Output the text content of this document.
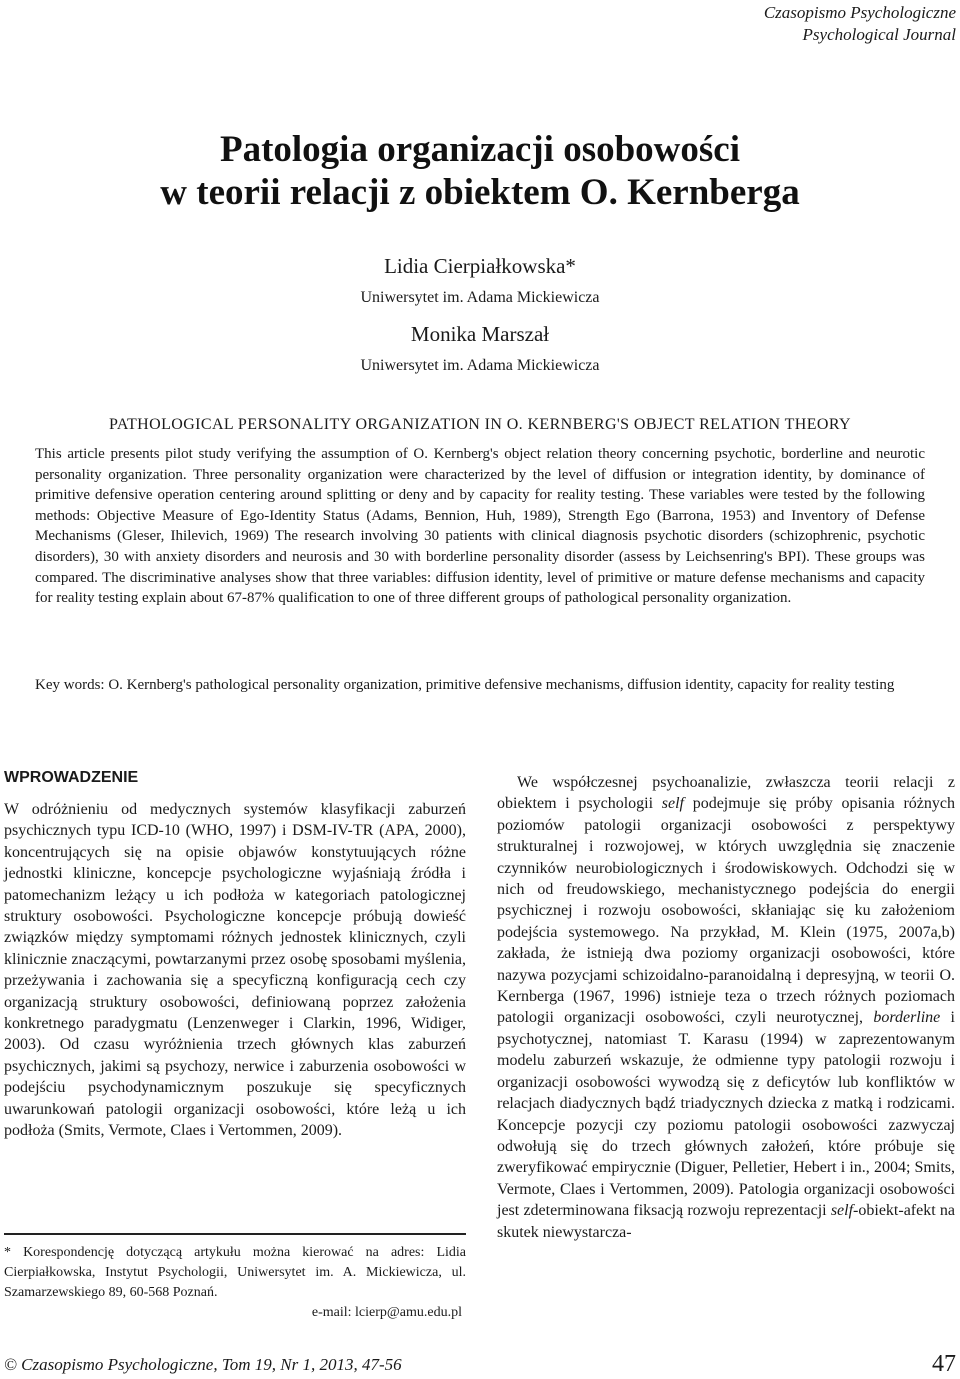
Czasopismo Psychologiczne
Psychological Journal
Patologia organizacji osobowości
w teorii relacji z obiektem O. Kernberga

Lidia Cierpiałkowska*

Uniwersytet im. Adama Mickiewicza

Monika Marszał

Uniwersytet im. Adama Mickiewicza

PATHOLOGICAL PERSONALITY ORGANIZATION IN O. KERNBERG'S OBJECT RELATION THEORY

This article presents pilot study verifying the assumption of O. Kernberg's object relation theory concerning psychotic, borderline and neurotic personality organization. Three personality organization were characterized by the level of diffusion or integration identity, by dominance of primitive defensive operation centering around splitting or deny and by capacity for reality testing. These variables were tested by the following methods: Objective Measure of Ego-Identity Status (Adams, Bennion, Huh, 1989), Strength Ego (Barrona, 1953) and Inventory of Defense Mechanisms (Gleser, Ihilevich, 1969) The research involving 30 patients with clinical diagnosis psychotic disorders (schizophrenic, psychotic disorders), 30 with anxiety disorders and neurosis and 30 with borderline personality disorder (assess by Leichsenring's BPI). These groups was compared. The discriminative analyses show that three variables: diffusion identity, level of primitive or mature defense mechanisms and capacity for reality testing explain about 67-87% qualification to one of three different groups of pathological personality organization.

Key words: O. Kernberg's pathological personality organization, primitive defensive mechanisms, diffusion identity, capacity for reality testing

WPROWADZENIE

W odróżnieniu od medycznych systemów klasyfikacji zaburzeń psychicznych typu ICD-10 (WHO, 1997) i DSM-IV-TR (APA, 2000), koncentrujących się na opisie objawów konstytuujących różne jednostki kliniczne, koncepcje psychologiczne wyjaśniają źródła i patomechanizm leżący u ich podłoża w kategoriach patologicznej struktury osobowości. Psychologiczne koncepcje próbują dowieść związków między symptomami różnych jednostek klinicznych, czyli klinicznie znaczącymi, powtarzanymi przez osobę sposobami myślenia, przeżywania i zachowania się a specyficzną konfiguracją cech czy organizacją struktury osobowości, definiowaną poprzez założenia konkretnego paradygmatu (Lenzenweger i Clarkin, 1996, Widiger, 2003). Od czasu wyróżnienia trzech głównych klas zaburzeń psychicznych, jakimi są psychozy, nerwice i zaburzenia osobowości w podejściu psychodynamicznym poszukuje się specyficznych uwarunkowań patologii organizacji osobowości, które leżą u ich podłoża (Smits, Vermote, Claes i Vertommen, 2009).

* Korespondencję dotyczącą artykułu można kierować na adres: Lidia Cierpiałkowska, Instytut Psychologii, Uniwersytet im. A. Mickiewicza, ul. Szamarzewskiego 89, 60-568 Poznań.
e-mail: lcierp@amu.edu.pl

We współczesnej psychoanalizie, zwłaszcza teorii relacji z obiektem i psychologii self podejmuje się próby opisania różnych poziomów patologii organizacji osobowości z perspektywy strukturalnej i rozwojowej, w których uwzględnia się znaczenie czynników neurobiologicznych i środowiskowych. Odchodzi się w nich od freudowskiego, mechanistycznego podejścia do energii psychicznej i rozwoju osobowości, skłaniając się ku założeniom podejścia systemowego. Na przykład, M. Klein (1975, 2007a,b) zakłada, że istnieją dwa poziomy organizacji osobowości, które nazywa pozycjami schizoidalno-paranoidalną i depresyjną, w teorii O. Kernberga (1967, 1996) istnieje teza o trzech różnych poziomach patologii organizacji osobowości, czyli neurotycznej, borderline i psychotycznej, natomiast T. Karasu (1994) w zaprezentowanym modelu zaburzeń wskazuje, że odmienne typy patologii rozwoju i organizacji osobowości wywodzą się z deficytów lub konfliktów w relacjach diadycznych bądź triadycznych dziecka z matką i rodzicami. Koncepcje pozycji czy poziomu patologii osobowości zazwyczaj odwołują się do trzech głównych założeń, które próbuje się zweryfikować empirycznie (Diguer, Pelletier, Hebert i in., 2004; Smits, Vermote, Claes i Vertommen, 2009). Patologia organizacji osobowości jest zdeterminowana fiksacją rozwoju reprezentacji self-obiekt-afekt na skutek niewystarcza-

© Czasopismo Psychologiczne, Tom 19, Nr 1, 2013, 47-56	47
